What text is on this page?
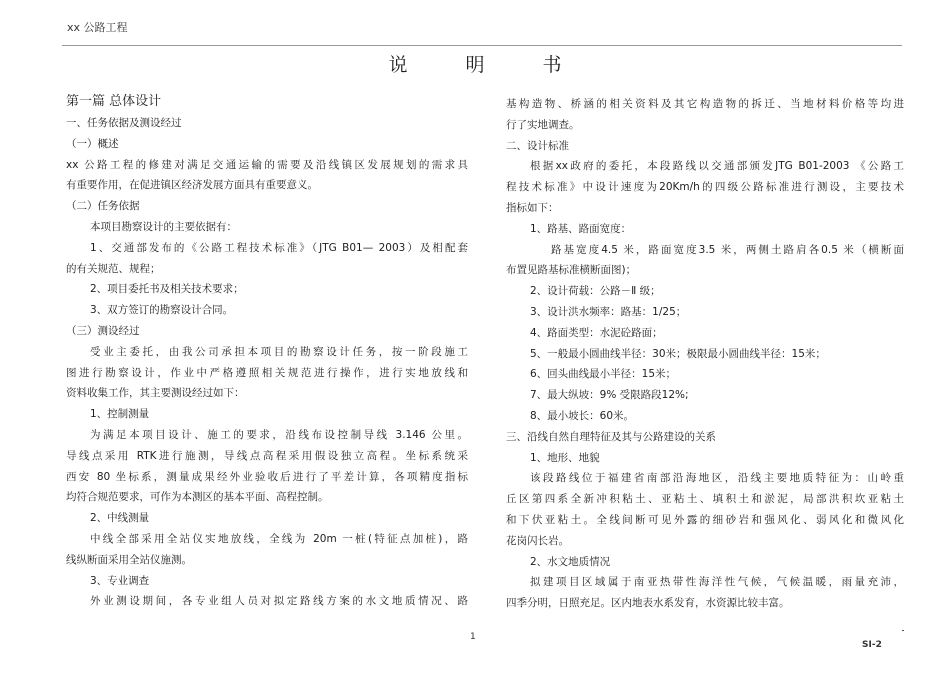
xx 公路工程
说 明 书

第一篇 总体设计

一、任务依据及测设经过

（一）概述

xx 公路工程的修建对满足交通运输的需要及沿线镇区发展规划的需求具

有重要作用，在促进镇区经济发展方面具有重要意义。

（二）任务依据

本项目勘察设计的主要依据有：

1、交通部发布的《公路工程技术标准》（JTG B01— 2003）及相配套

的有关规范、规程；

2、项目委托书及相关技术要求；

3、双方签订的勘察设计合同。

（三）测设经过

受业主委托，由我公司承担本项目的勘察设计任务，按一阶段施工

图进行勘察设计，作业中严格遵照相关规范进行操作，进行实地放线和

资料收集工作，其主要测设经过如下：

1、控制测量

为满足本项目设计、施工的要求，沿线布设控制导线 3.146 公里。

导线点采用 RTK进行施测，导线点高程采用假设独立高程。坐标系统采

西安 80 坐标系，测量成果经外业验收后进行了平差计算，各项精度指标

均符合规范要求，可作为本测区的基本平面、高程控制。

2、中线测量

中线全部采用全站仪实地放线，全线为 20m 一桩(特征点加桩)，路

线纵断面采用全站仪施测。

3、专业调查

外业测设期间，各专业组人员对拟定路线方案的水文地质情况、路

基构造物、桥涵的相关资料及其它构造物的拆迁、当地材料价格等均进

行了实地调查。

二、设计标准

根据xx政府的委托，本段路线以交通部颁发JTG B01-2003 《公路工

程技术标准》中设计速度为20Km/h的四级公路标准进行测设，主要技术

指标如下：

1、路基、路面宽度：

路基宽度4.5 米，路面宽度3.5 米，两侧土路肩各0.5 米（横断面

布置见路基标准横断面图)；

2、设计荷载：公路－Ⅱ 级；

3、设计洪水频率：路基：1/25；

4、路面类型：水泥砼路面；

5、一般最小圆曲线半径：30米；极限最小圆曲线半径：15米；

6、回头曲线最小半径：15米；

7、最大纵坡：9% 受限路段12%;

8、最小坡长：60米。

三、沿线自然自理特征及其与公路建设的关系

1、地形、地貌

该段路线位于福建省南部沿海地区，沿线主要地质特征为：山岭重

丘区第四系全新冲积粘土、亚粘土、填积土和淤泥，局部洪积坎亚粘土

和下伏亚粘土。全线间断可见外露的细砂岩和强风化、弱风化和微风化

花岗闪长岩。

2、水文地质情况

拟建项目区域属于南亚热带性海洋性气候，气候温暖，雨量充沛，

四季分明，日照充足。区内地表水系发育，水资源比较丰富。

1
SⅠ-2
